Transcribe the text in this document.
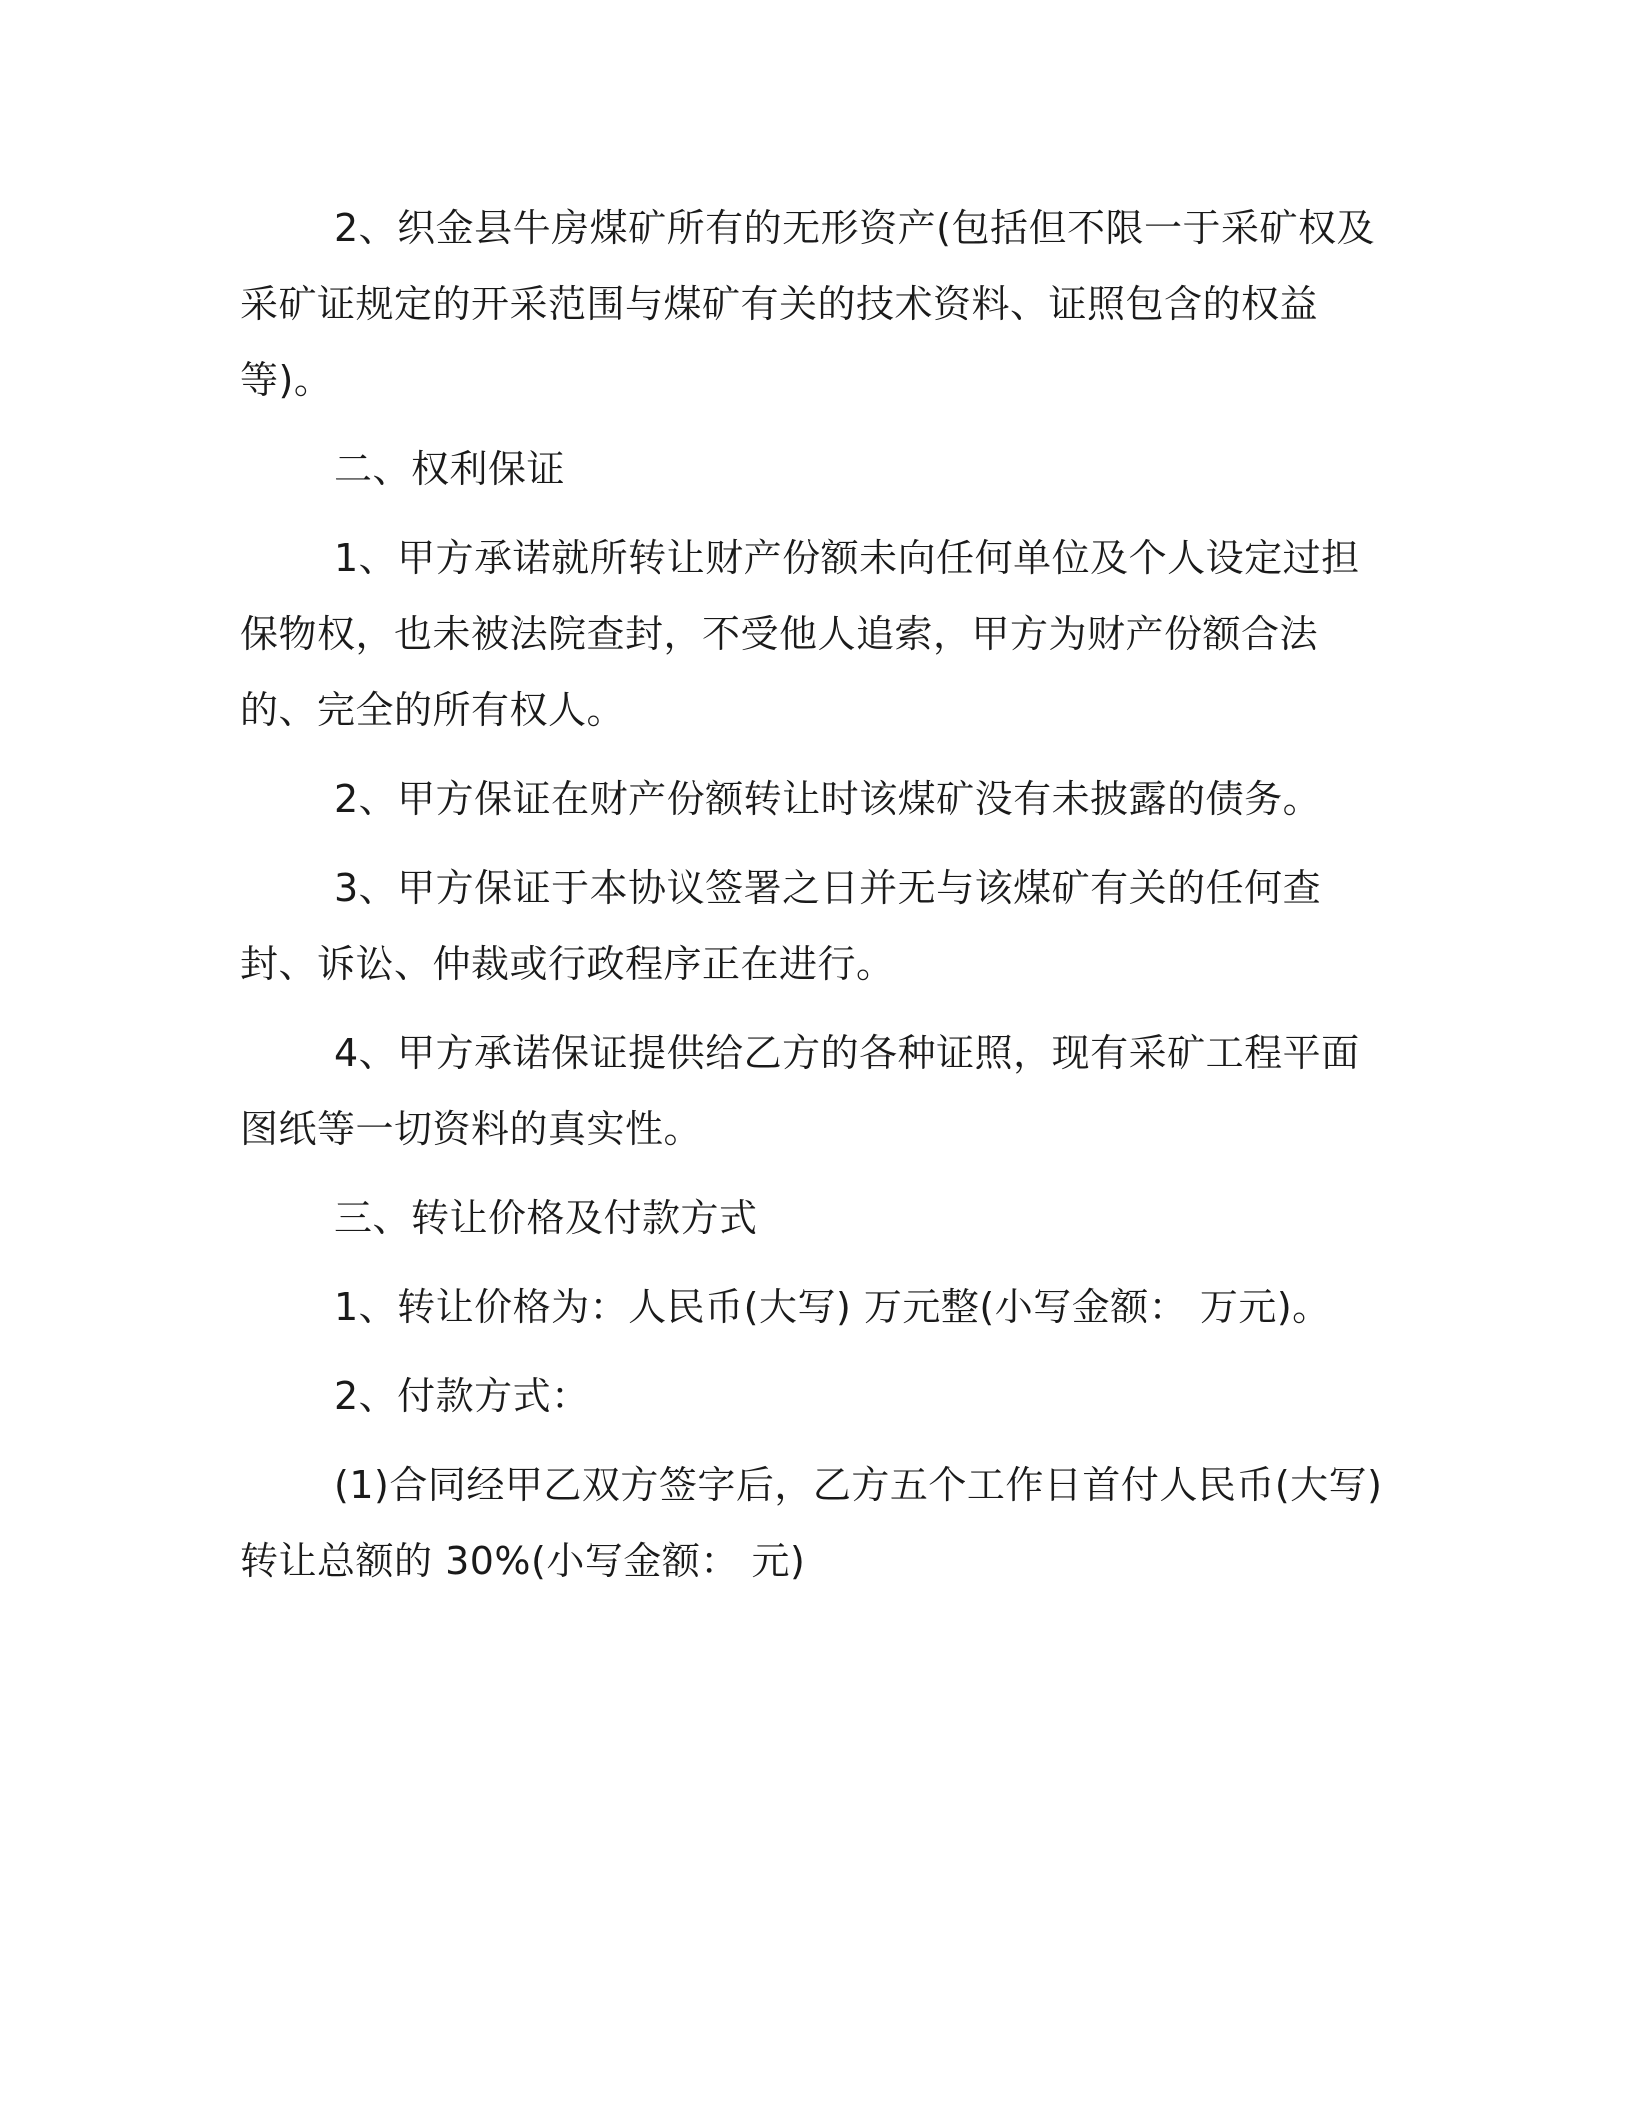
2、织金县牛房煤矿所有的无形资产(包括但不限一于采矿权及采矿证规定的开采范围与煤矿有关的技术资料、证照包含的权益等)。

二、权利保证

1、甲方承诺就所转让财产份额未向任何单位及个人设定过担保物权，也未被法院查封，不受他人追索，甲方为财产份额合法的、完全的所有权人。

2、甲方保证在财产份额转让时该煤矿没有未披露的债务。

3、甲方保证于本协议签署之日并无与该煤矿有关的任何查封、诉讼、仲裁或行政程序正在进行。

4、甲方承诺保证提供给乙方的各种证照，现有采矿工程平面图纸等一切资料的真实性。

三、转让价格及付款方式

1、转让价格为：人民币(大写) 万元整(小写金额： 万元)。

2、付款方式：

(1)合同经甲乙双方签字后，乙方五个工作日首付人民币(大写)转让总额的 30%(小写金额： 元)
